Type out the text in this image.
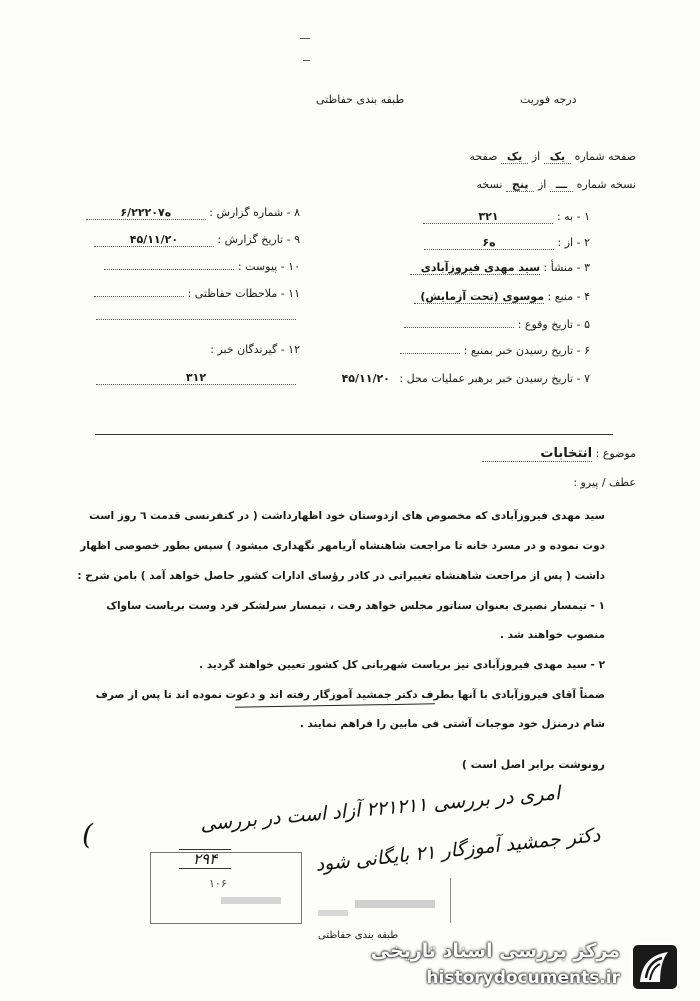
طبقه بندی حفاظتی	درجه فوریت
صفحه شماره یک از یک صفحه
نسخه شماره ـــ از پنج نسخه
۱ - به : ۳۲۱
۲ - از : ه۶
۳ - منشأ : سید مهدی فیروزآبادی
۴ - منبع : موسوی (تحت آزمایش)
۵ - تاریخ وقوع :
۶ - تاریخ رسیدن خبر بمنبع :
۷ - تاریخ رسیدن خبر برهبر عملیات محل : ۴۵/۱۱/۲۰
۸ - شماره گزارش : ه۶/۲۲۲۰۷
۹ - تاریخ گزارش : ۴۵/۱۱/۲۰
۱۰ - پیوست :
۱۱ - ملاحظات حفاظتی :
۱۲ - گیرندگان خبر :
۳۱۲
موضوع : انتخابات
عطف / پیرو :
سید مهدی فیروزآبادی که مخصوص های ازدوستان خود اظهارداشت ( در کنفرنسی قدمت ٦ روز است
دوت نموده و در مسرد خانه تا مراجعت شاهنشاه آریامهر نگهداری میشود ) سپس بطور خصوصی اظهار
داشت ( پس از مراجعت شاهنشاه تغییراتی در کادر رؤسای ادارات کشور حاصل خواهد آمد ) بامن شرح :
۱ - تیمسار نصیری بعنوان سناتور مجلس خواهد رفت ، تیمسار سرلشکر فرد وست بریاست ساواک
منصوب خواهند شد .
۲ - سید مهدی فیروزآبادی نیز بریاست شهربانی کل کشور تعیین خواهند گردید .
ضمناً آقای فیروزآبادی با آنها بطرف دکتر جمشید آموزگار رفته اند و دعوت نموده اند تا پس از صرف
شام درمنزل خود موجبات آشتی فی مابین را فراهم نمایند .
رونوشت برابر اصل است )
امری در بررسی ۲۲۱۲۱۱ آزاد است در بررسی
دکتر جمشید آموزگار ۲۱ بایگانی شود
(
۲۹۴
۱۰۶
طبقه بندی حفاظتی
مرکز بررسی اسناد تاریخی
historydocuments.ir
